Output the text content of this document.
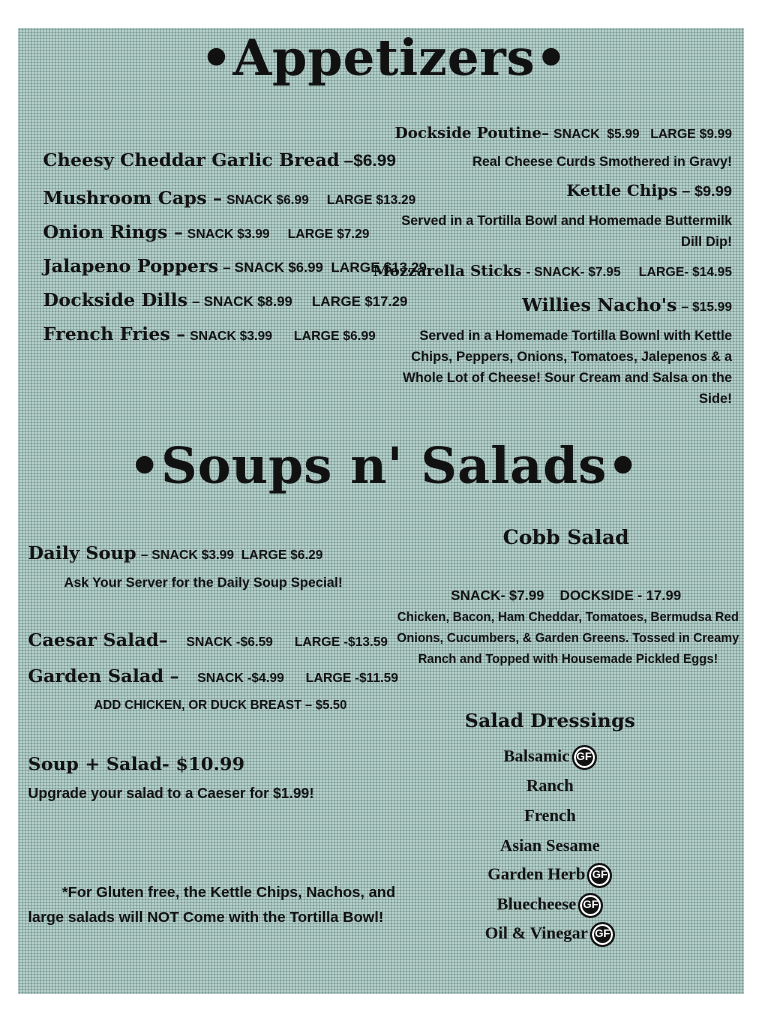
•Appetizers•
Cheesy Cheddar Garlic Bread –$6.99
Mushroom Caps – SNACK $6.99     LARGE $13.29
Onion Rings – SNACK $3.99     LARGE $7.29
Jalapeno Poppers – SNACK $6.99  LARGE $13.29
Dockside Dills – SNACK $8.99     LARGE $17.29
French Fries – SNACK $3.99      LARGE $6.99
Dockside Poutine– SNACK  $5.99   LARGE $9.99
Real Cheese Curds Smothered in Gravy!
Kettle Chips – $9.99
Served in a Tortilla Bowl and Homemade Buttermilk Dill Dip!
Mozzarella Sticks - SNACK- $7.95     LARGE- $14.95
Willies Nacho's – $15.99
Served in a Homemade Tortilla Bownl with Kettle Chips, Peppers, Onions, Tomatoes, Jalepenos & a Whole Lot of Cheese! Sour Cream and Salsa on the Side!
•Soups n' Salads•
Daily Soup – SNACK $3.99  LARGE $6.29
Ask Your Server for the Daily Soup Special!
Caesar Salad– SNACK -$6.59      LARGE -$13.59
Garden Salad – SNACK -$4.99      LARGE -$11.59
ADD CHICKEN, OR DUCK BREAST – $5.50
Soup + Salad- $10.99
Upgrade your salad to a Caeser for $1.99!
*For Gluten free, the Kettle Chips, Nachos, and large salads will NOT Come with the Tortilla Bowl!
Cobb Salad
SNACK- $7.99    DOCKSIDE - 17.99
Chicken, Bacon, Ham Cheddar, Tomatoes, Bermudsa Red Onions, Cucumbers, & Garden Greens. Tossed in Creamy Ranch and Topped with Housemade Pickled Eggs!
Salad Dressings
Balsamic GF
Ranch
French
Asian Sesame
Garden Herb GF
Bluecheese GF
Oil & Vinegar GF
